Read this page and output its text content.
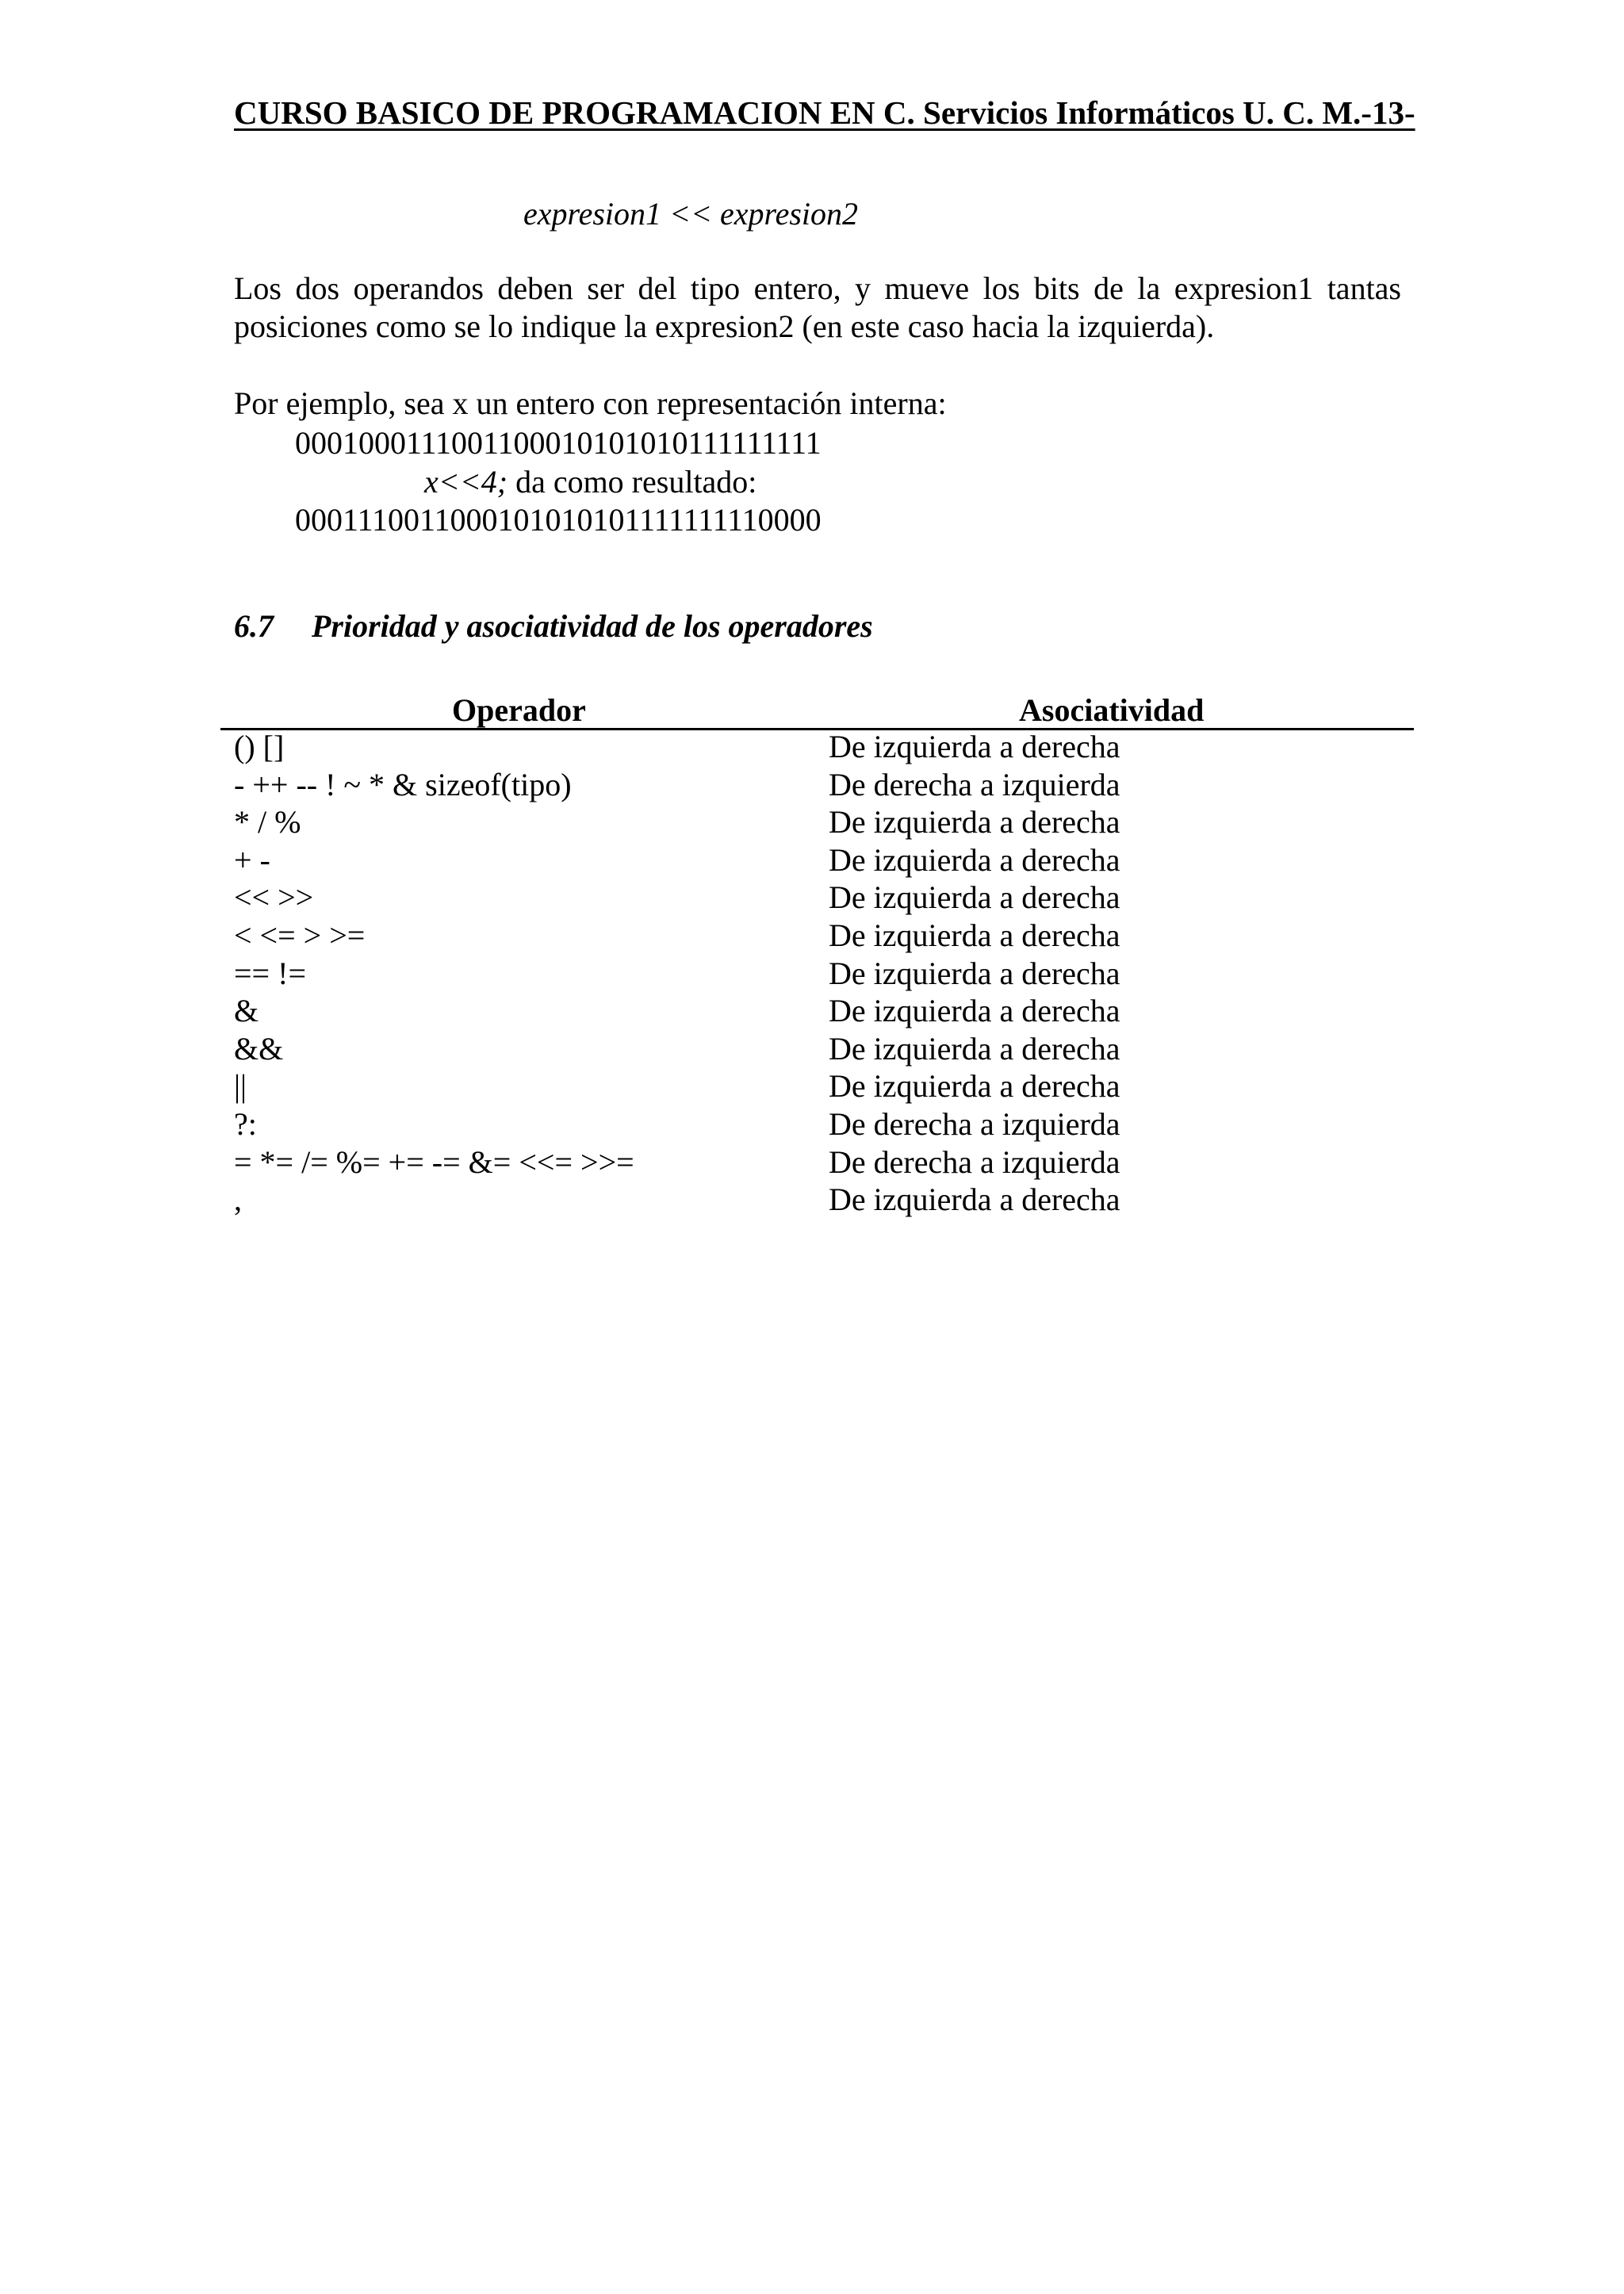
CURSO BASICO DE PROGRAMACION EN C. Servicios Informáticos U. C. M.-13-
expresion1 << expresion2
Los dos operandos deben ser del tipo entero, y mueve los bits de la expresion1 tantas
posiciones como se lo indique la expresion2 (en este caso hacia la izquierda).
Por ejemplo, sea x un entero con representación interna:
0001000111001100010101010111111111
x<<4; da como resultado:
0001110011000101010101111111110000
6.7 Prioridad y asociatividad de los operadores
Operador	Asociatividad
() []	De izquierda a derecha
- ++ -- ! ~ * & sizeof(tipo)	De derecha a izquierda
* / %	De izquierda a derecha
+ -	De izquierda a derecha
<< >>	De izquierda a derecha
< <= > >=	De izquierda a derecha
== !=	De izquierda a derecha
&	De izquierda a derecha
&&	De izquierda a derecha
||	De izquierda a derecha
?:	De derecha a izquierda
= *= /= %= += -= &= <<= >>=	De derecha a izquierda
,	De izquierda a derecha
